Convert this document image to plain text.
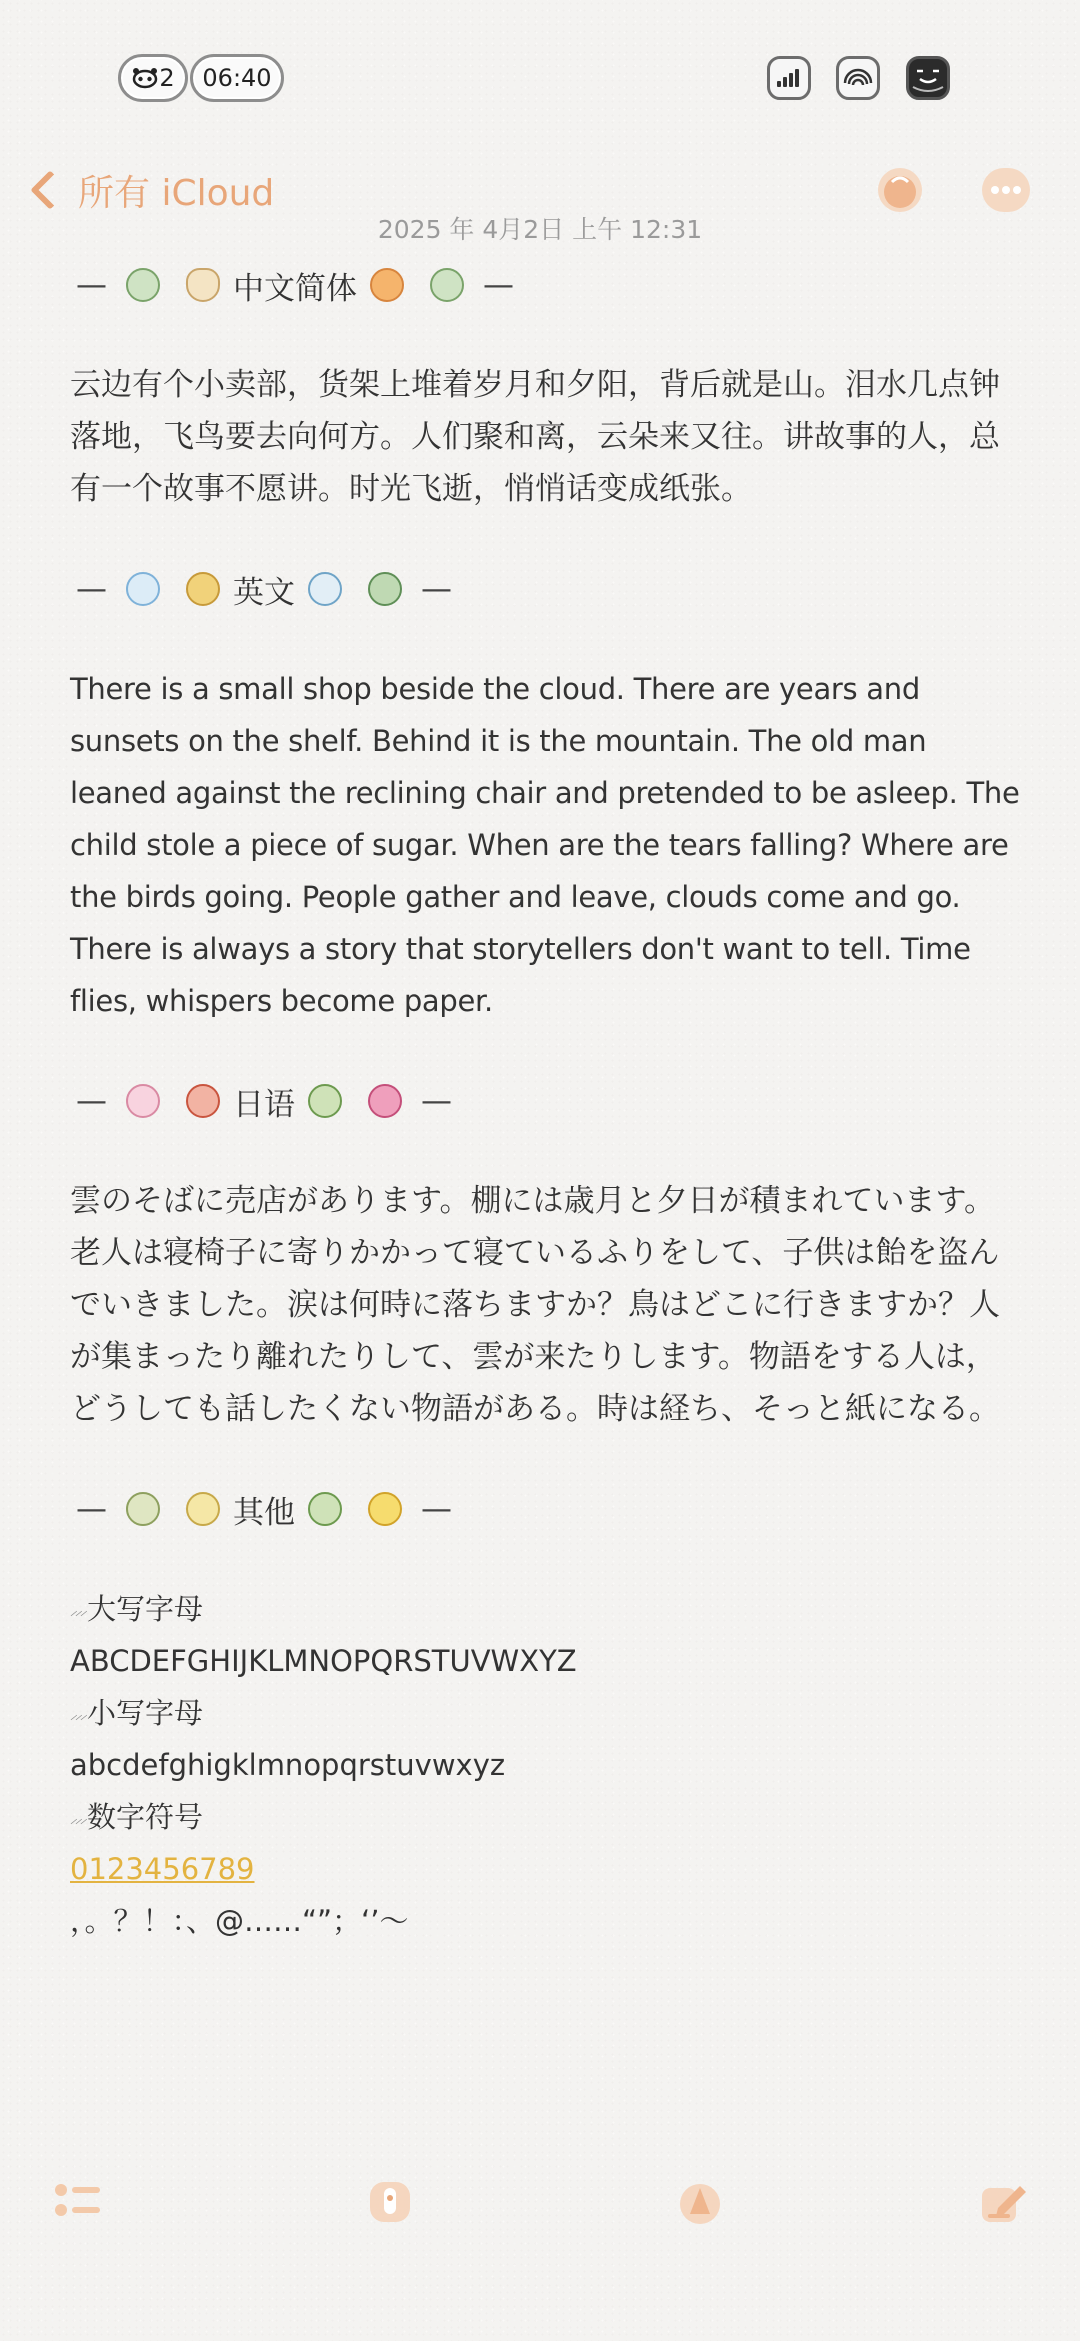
2 06:40
所有 iCloud
2025 年 4月2日 上午 12:31
—	中文简体	—

云边有个小卖部，货架上堆着岁月和夕阳，背后就是山。泪水几点钟落地，飞鸟要去向何方。人们聚和离，云朵来又往。讲故事的人，总有一个故事不愿讲。时光飞逝，悄悄话变成纸张。

—	英文	—

There is a small shop beside the cloud. There are years and sunsets on the shelf. Behind it is the mountain. The old man leaned against the reclining chair and pretended to be asleep. The child stole a piece of sugar. When are the tears falling? Where are the birds going. People gather and leave, clouds come and go. There is always a story that storytellers don't want to tell. Time flies, whispers become paper.

—	日语	—

雲のそばに売店があります。棚には歳月と夕日が積まれています。老人は寝椅子に寄りかかって寝ているふりをして、子供は飴を盗んでいきました。涙は何時に落ちますか？鳥はどこに行きますか？人が集まったり離れたりして、雲が来たりします。物語をする人は，どうしても話したくない物語がある。時は経ち、そっと紙になる。

—	其他	—
⸝⸝⸝大写字母
ABCDEFGHIJKLMNOPQRSTUVWXYZ
⸝⸝⸝小写字母
abcdefghigklmnopqrstuvwxyz
⸝⸝⸝数字符号
0123456789
，。？！：、@……“”；‘’～
